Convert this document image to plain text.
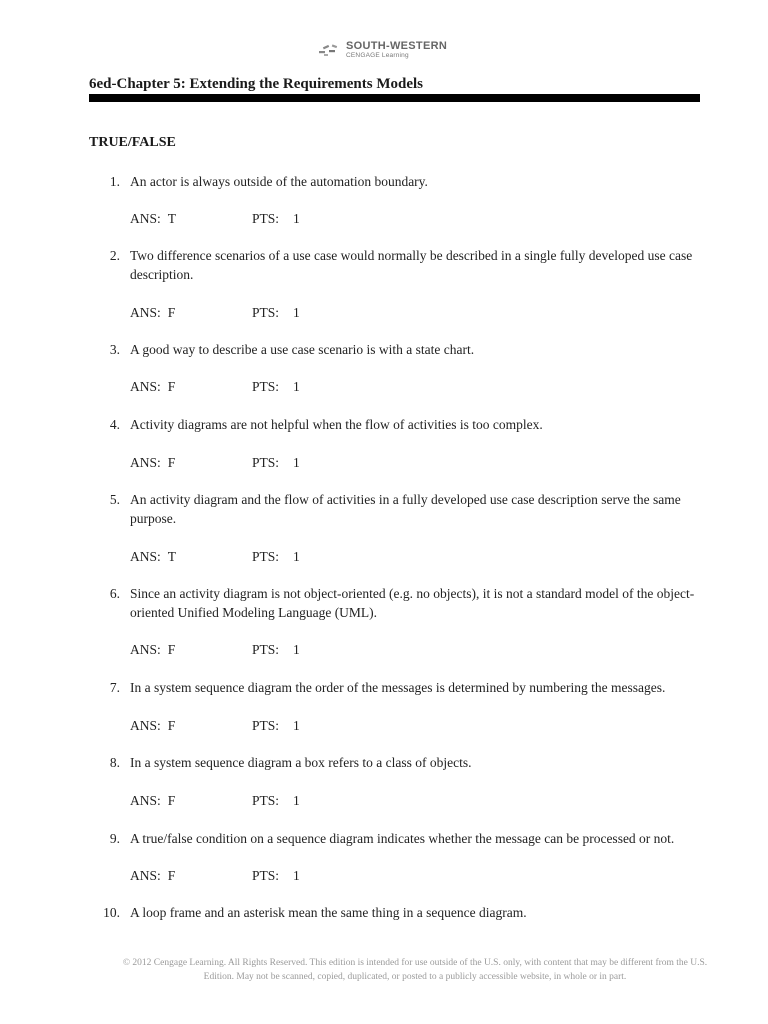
SOUTH-WESTERN
CENGAGE Learning
6ed-Chapter 5: Extending the Requirements Models
TRUE/FALSE
1. An actor is always outside of the automation boundary.
ANS: T	PTS: 1
2. Two difference scenarios of a use case would normally be described in a single fully developed use case description.
ANS: F	PTS: 1
3. A good way to describe a use case scenario is with a state chart.
ANS: F	PTS: 1
4. Activity diagrams are not helpful when the flow of activities is too complex.
ANS: F	PTS: 1
5. An activity diagram and the flow of activities in a fully developed use case description serve the same purpose.
ANS: T	PTS: 1
6. Since an activity diagram is not object-oriented (e.g. no objects), it is not a standard model of the object-oriented Unified Modeling Language (UML).
ANS: F	PTS: 1
7. In a system sequence diagram the order of the messages is determined by numbering the messages.
ANS: F	PTS: 1
8. In a system sequence diagram a box refers to a class of objects.
ANS: F	PTS: 1
9. A true/false condition on a sequence diagram indicates whether the message can be processed or not.
ANS: F	PTS: 1
10. A loop frame and an asterisk mean the same thing in a sequence diagram.
© 2012 Cengage Learning. All Rights Reserved. This edition is intended for use outside of the U.S. only, with content that may be different from the U.S. Edition. May not be scanned, copied, duplicated, or posted to a publicly accessible website, in whole or in part.
